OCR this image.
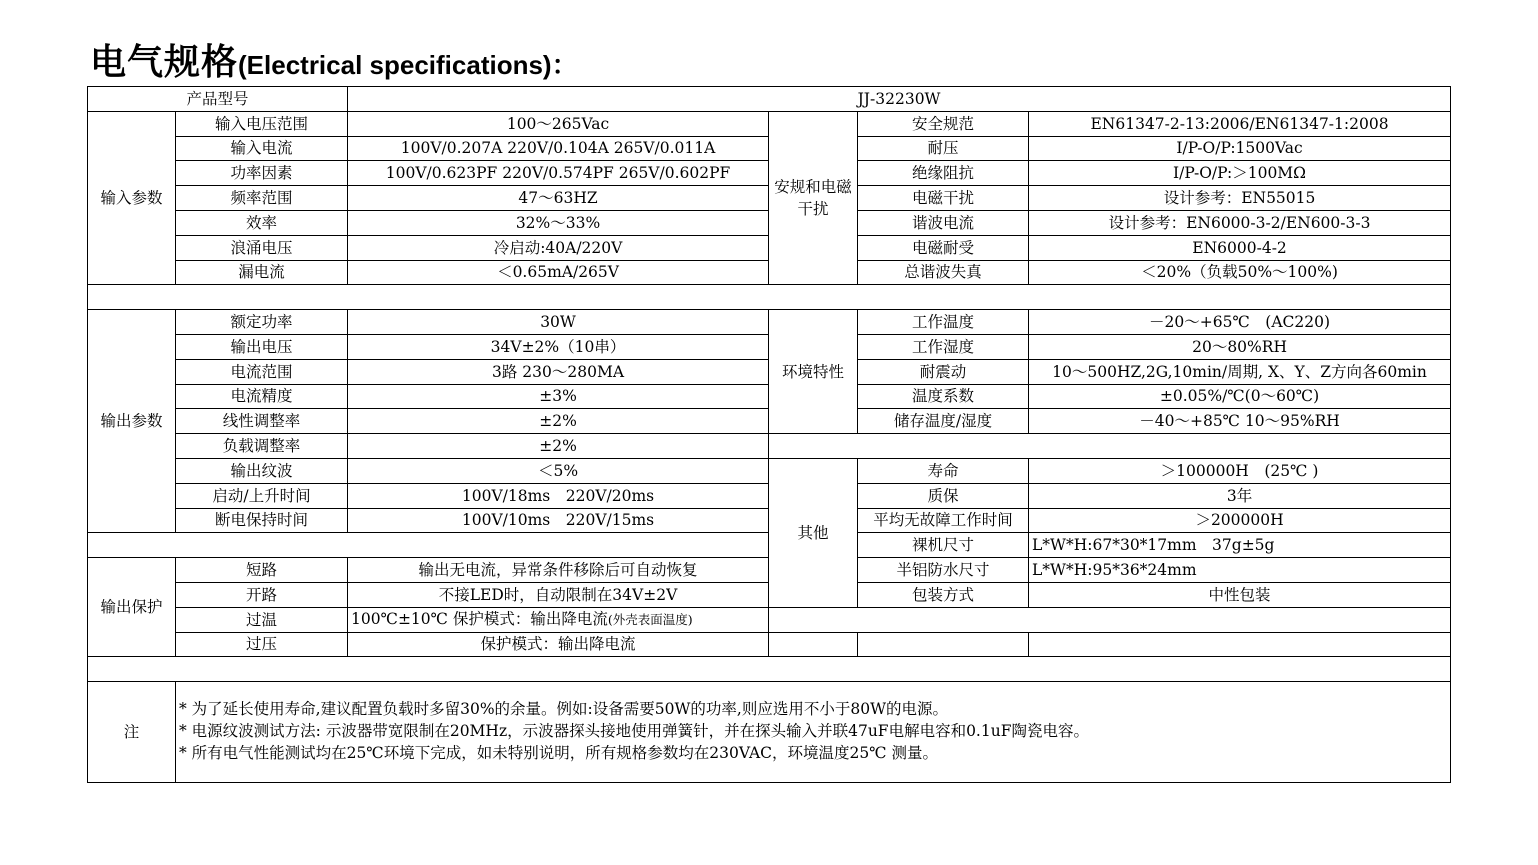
电气规格(Electrical specifications)：
产品型号		JJ-32230W			
输入参数	输入电压范围	100～265Vac	安规和电磁干扰	安全规范	EN61347-2-13:2006/EN61347-1:2008
	输入电流	100V/0.207A 220V/0.104A 265V/0.011A		耐压	I/P-O/P:1500Vac
	功率因素	100V/0.623PF 220V/0.574PF 265V/0.602PF		绝缘阻抗	I/P-O/P:＞100MΩ
	频率范围	47～63HZ		电磁干扰	设计参考：EN55015
	效率	32%～33%		谐波电流	设计参考：EN6000-3-2/EN600-3-3
	浪涌电压	冷启动:40A/220V		电磁耐受	EN6000-4-2
	漏电流	＜0.65mA/265V		总谐波失真	＜20%（负载50%～100%)

输出参数	额定功率	30W	环境特性	工作温度	－20～+65℃　(AC220)
	输出电压	34V±2%（10串）		工作湿度	20～80%RH
	电流范围	3路 230～280MA		耐震动	10～500HZ,2G,10min/周期, X、Y、Z方向各60min
	电流精度	±3%		温度系数	±0.05%/℃(0～60℃)
	线性调整率	±2%		储存温度/湿度	－40～+85℃ 10～95%RH
	负载调整率	±2%			
	输出纹波	＜5%	其他	寿命	＞100000H　(25℃ )
	启动/上升时间	100V/18ms　220V/20ms		质保	3年
	断电保持时间	100V/10ms　220V/15ms		平均无故障工作时间	＞200000H
				裸机尺寸	L*W*H:67*30*17mm　37g±5g
输出保护	短路	输出无电流，异常条件移除后可自动恢复		半铝防水尺寸	L*W*H:95*36*24mm
	开路	不接LED时，自动限制在34V±2V		包装方式	中性包装
	过温	100℃±10℃ 保护模式：输出降电流(外壳表面温度)			
	过压	保护模式：输出降电流			

注	* 为了延长使用寿命,建议配置负载时多留30%的余量。例如:设备需要50W的功率,则应选用不小于80W的电源。
* 电源纹波测试方法: 示波器带宽限制在20MHz，示波器探头接地使用弹簧针，并在探头输入并联47uF电解电容和0.1uF陶瓷电容。
* 所有电气性能测试均在25℃环境下完成，如未特别说明，所有规格参数均在230VAC，环境温度25℃ 测量。				
